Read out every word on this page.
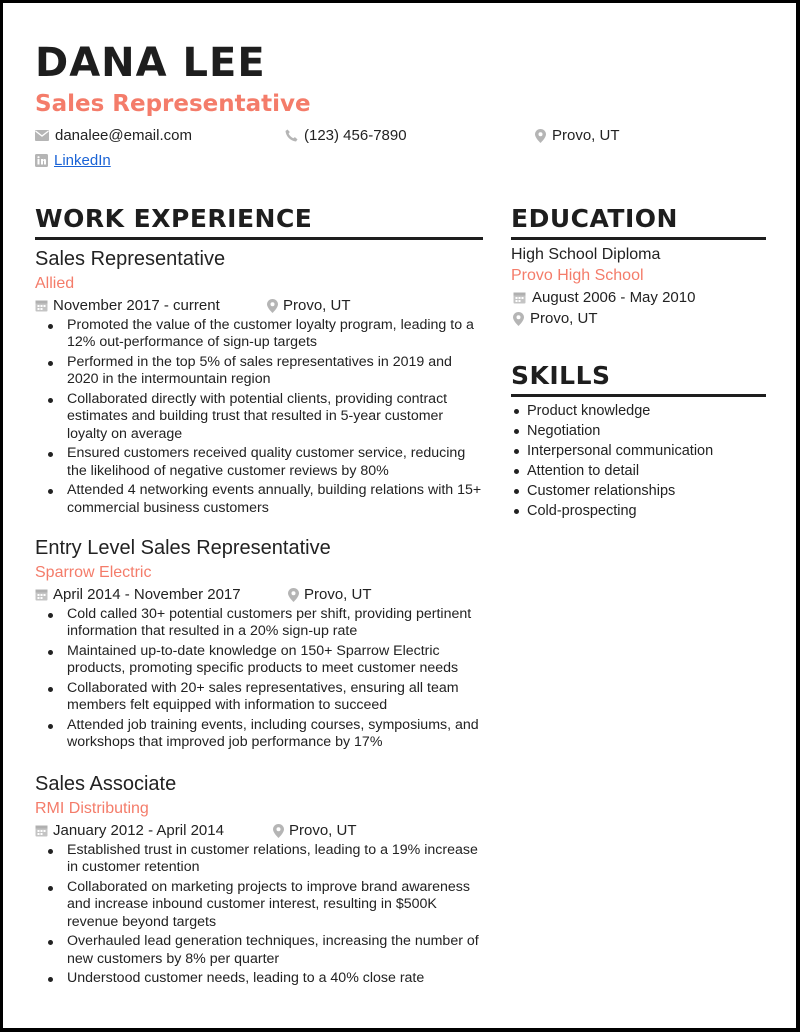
DANA LEE
Sales Representative
danalee@email.com	(123) 456-7890	Provo, UT
LinkedIn
WORK EXPERIENCE

Sales Representative

Allied

November 2017 - current	Provo, UT
Promoted the value of the customer loyalty program, leading to a 12% out-performance of sign-up targets
Performed in the top 5% of sales representatives in 2019 and 2020 in the intermountain region
Collaborated directly with potential clients, providing contract estimates and building trust that resulted in 5-year customer loyalty on average
Ensured customers received quality customer service, reducing the likelihood of negative customer reviews by 80%
Attended 4 networking events annually, building relations with 15+ commercial business customers

Entry Level Sales Representative

Sparrow Electric

April 2014 - November 2017	Provo, UT
Cold called 30+ potential customers per shift, providing pertinent information that resulted in a 20% sign-up rate
Maintained up-to-date knowledge on 150+ Sparrow Electric products, promoting specific products to meet customer needs
Collaborated with 20+ sales representatives, ensuring all team members felt equipped with information to succeed
Attended job training events, including courses, symposiums, and workshops that improved job performance by 17%

Sales Associate

RMI Distributing

January 2012 - April 2014	Provo, UT
Established trust in customer relations, leading to a 19% increase in customer retention
Collaborated on marketing projects to improve brand awareness and increase inbound customer interest, resulting in $500K revenue beyond targets
Overhauled lead generation techniques, increasing the number of new customers by 8% per quarter
Understood customer needs, leading to a 40% close rate
EDUCATION

High School Diploma

Provo High School

August 2006 - May 2010
Provo, UT
SKILLS
Product knowledge
Negotiation
Interpersonal communication
Attention to detail
Customer relationships
Cold-prospecting
